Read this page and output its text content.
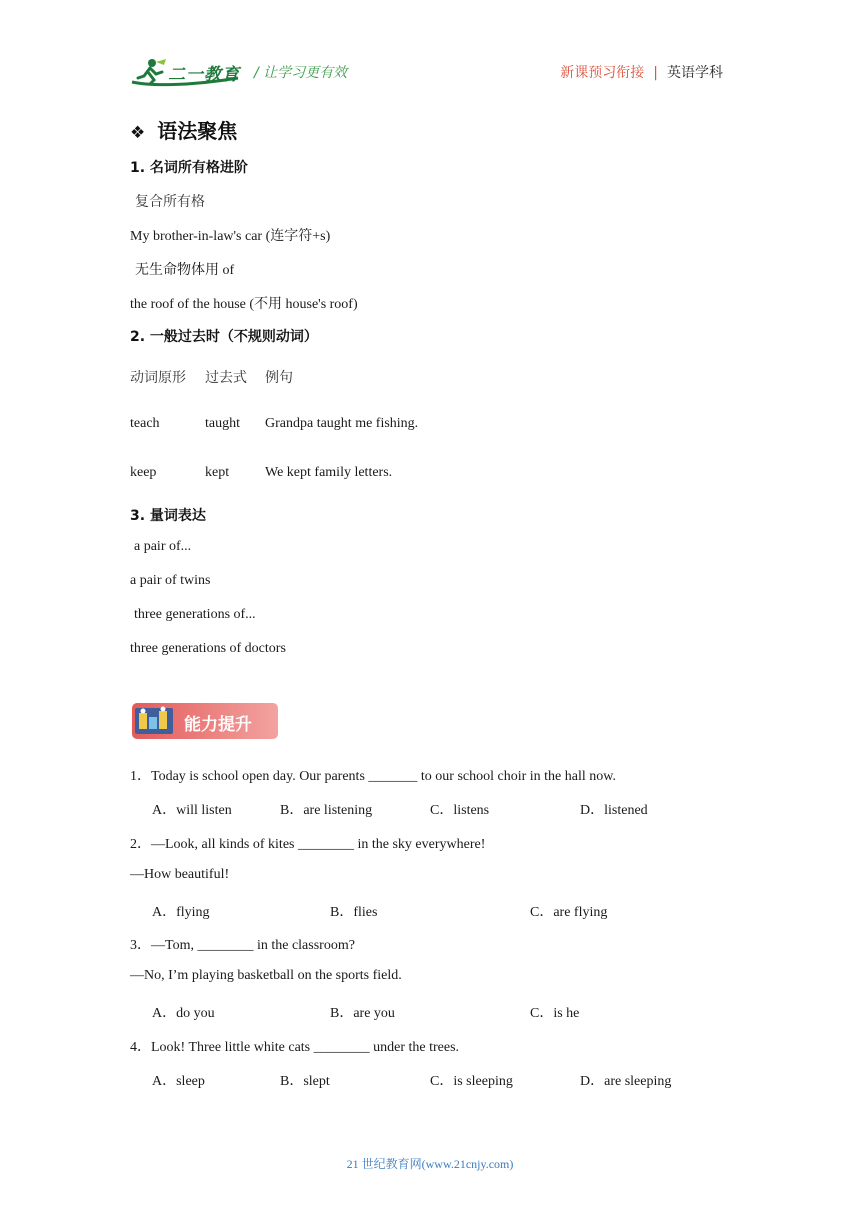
二一教育 / 让学习更有效	新课预习衔接 | 英语学科
❖ 语法聚焦
1. 名词所有格进阶
复合所有格
My brother-in-law's car (连字符+s)
无生命物体用 of
the roof of the house (不用 house's roof)
2. 一般过去时（不规则动词）
动词原形 过去式 例句
teach	taught Grandpa taught me fishing.
keep	kept	We kept family letters.
3. 量词表达
a pair of...
a pair of twins
three generations of...
three generations of doctors
能力提升
1．Today is school open day. Our parents _______ to our school choir in the hall now.
A．will listen	B．are listening	C．listens	D．listened
2．—Look, all kinds of kites ________ in the sky everywhere!
—How beautiful!
A．flying	B．flies	C．are flying
3．—Tom, ________ in the classroom?
—No, I’m playing basketball on the sports field.
A．do you	B．are you	C．is he
4．Look! Three little white cats ________ under the trees.
A．sleep	B．slept	C．is sleeping	D．are sleeping
21 世纪教育网(www.21cnjy.com)
